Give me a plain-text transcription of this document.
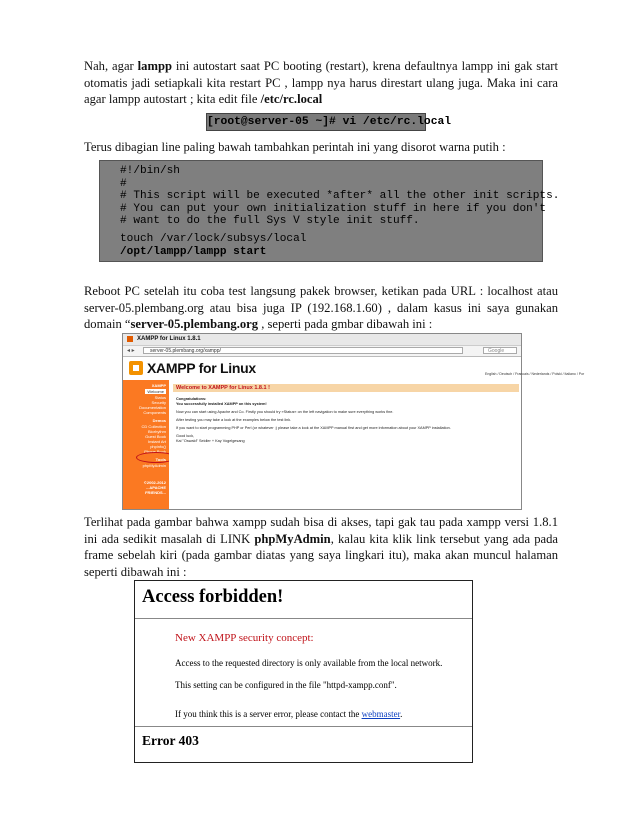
Nah, agar lampp ini autostart saat PC booting (restart), krena defaultnya lampp ini gak start otomatis jadi setiapkali kita restart PC , lampp nya harus direstart ulang juga. Maka ini cara agar lampp autostart ; kita edit file /etc/rc.local

[root@server-05 ~]# vi /etc/rc.local

Terus dibagian line paling bawah tambahkan perintah ini yang disorot warna putih :

#!/bin/sh
#
# This script will be executed *after* all the other init scripts.
# You can put your own initialization stuff in here if you don't
# want to do the full Sys V style init stuff.
touch /var/lock/subsys/local
/opt/lampp/lampp start

Reboot PC setelah itu coba test langsung pakek browser, ketikan pada URL : localhost atau server-05.plembang.org atau bisa juga IP (192.168.1.60) , dalam kasus ini saya gunakan domain “server-05.plembang.org , seperti pada gmbar dibawah ini :

XAMPP for Linux 1.8.1
◂ ▸	server-05.plembang.org/xampp/	Google
XAMPP for Linux	English / Deutsch / Francais / Nederlands / Polski / Italiano / Por
XAMPP
Welcome
Status
Security
Documentation
Components
Demos
CD Collection
Biorhythm
Guest Book
Instant Art
phpinfo()
Phone Book
Tools
phpMyAdmin
©2002-2012 ...APACHE FRIENDS...
Welcome to XAMPP for Linux 1.8.1 !
Congratulations:
You successfully installed XAMPP on this system!
Now you can start using Apache and Co. Firstly you should try »Status« on the left navigation to make sure everything works fine.
After testing you may take a look at the examples below the test link.
If you want to start programming PHP or Perl (or whatever ;) please take a look at the XAMPP manual first and get more information about your XAMPP installation.
Good luck,
Kai "Oswald" Seidler + Kay Vogelgesang

Terlihat pada gambar bahwa xampp sudah bisa di akses, tapi gak tau pada xampp versi 1.8.1 ini ada sedikit masalah di LINK phpMyAdmin, kalau kita klik link tersebut yang ada pada frame sebelah kiri (pada gambar diatas yang saya lingkari itu), maka akan muncul halaman seperti dibawah ini :

Access forbidden!
New XAMPP security concept:
Access to the requested directory is only available from the local network.
This setting can be configured in the file "httpd-xampp.conf".
If you think this is a server error, please contact the webmaster.
Error 403
